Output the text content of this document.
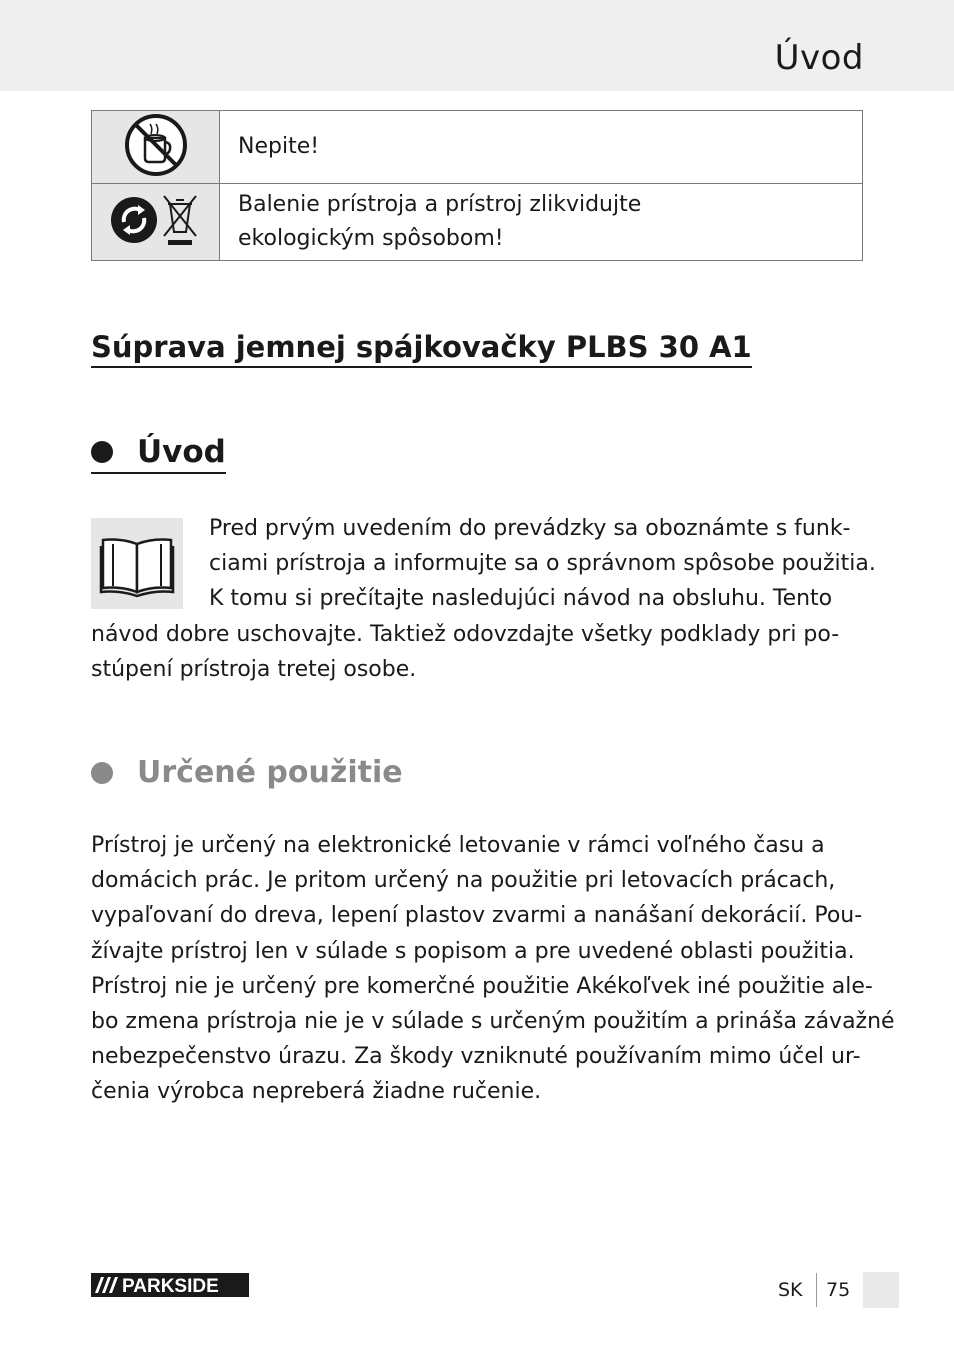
Úvod
	Nepite!

Balenie prístroja a prístroj zlikvidujte
ekologickým spôsobom!
Súprava jemnej spájkovačky PLBS 30 A1
Úvod
Pred prvým uvedením do prevádzky sa oboznámte s funk-
ciami prístroja a informujte sa o správnom spôsobe použitia.
K tomu si prečítajte nasledujúci návod na obsluhu. Tento
návod dobre uschovajte. Taktiež odovzdajte všetky podklady pri po-
stúpení prístroja tretej osobe.
Určené použitie
Prístroj je určený na elektronické letovanie v rámci voľného času a
domácich prác. Je pritom určený na použitie pri letovacích prácach,
vypaľovaní do dreva, lepení plastov zvarmi a nanášaní dekorácií. Pou-
žívajte prístroj len v súlade s popisom a pre uvedené oblasti použitia.
Prístroj nie je určený pre komerčné použitie Akékoľvek iné použitie ale-
bo zmena prístroja nie je v súlade s určeným použitím a prináša závažné
nebezpečenstvo úrazu. Za škody vzniknuté používaním mimo účel ur-
čenia výrobca nepreberá žiadne ručenie.
PARKSIDE	SK 75
